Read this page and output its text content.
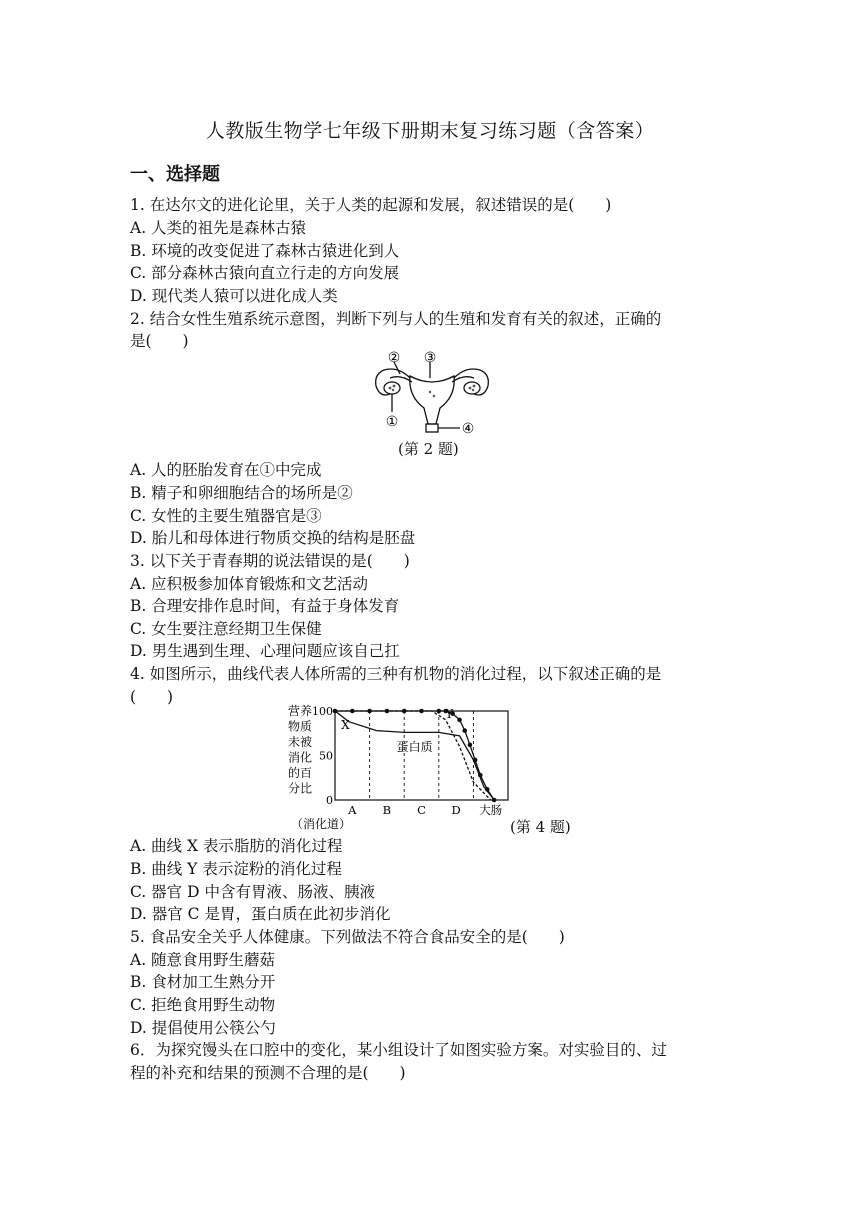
人教版生物学七年级下册期末复习练习题（含答案）
一、选择题
1. 在达尔文的进化论里，关于人类的起源和发展，叙述错误的是(　　)
A. 人类的祖先是森林古猿
B. 环境的改变促进了森林古猿进化到人
C. 部分森林古猿向直立行走的方向发展
D. 现代类人猿可以进化成人类
2. 结合女性生殖系统示意图，判断下列与人的生殖和发育有关的叙述，正确的
是(　　)
② ③
①	④
(第 2 题)
A. 人的胚胎发育在①中完成
B. 精子和卵细胞结合的场所是②
C. 女性的主要生殖器官是③
D. 胎儿和母体进行物质交换的结构是胚盘
3. 以下关于青春期的说法错误的是(　　)
A. 应积极参加体育锻炼和文艺活动
B. 合理安排作息时间，有益于身体发育
C. 女生要注意经期卫生保健
D. 男生遇到生理、心理问题应该自己扛
4. 如图所示，曲线代表人体所需的三种有机物的消化过程，以下叙述正确的是
(　　)
营养
物质
未被
消化
的百
分比
100
50
0
A B C D 大肠
（消化道）
X
蛋白质
Y
(第 4 题)
A. 曲线 X 表示脂肪的消化过程
B. 曲线 Y 表示淀粉的消化过程
C. 器官 D 中含有胃液、肠液、胰液
D. 器官 C 是胃，蛋白质在此初步消化
5. 食品安全关乎人体健康。下列做法不符合食品安全的是(　　)
A. 随意食用野生蘑菇
B. 食材加工生熟分开
C. 拒绝食用野生动物
D. 提倡使用公筷公勺
6．为探究馒头在口腔中的变化，某小组设计了如图实验方案。对实验目的、过
程的补充和结果的预测不合理的是(　　)
